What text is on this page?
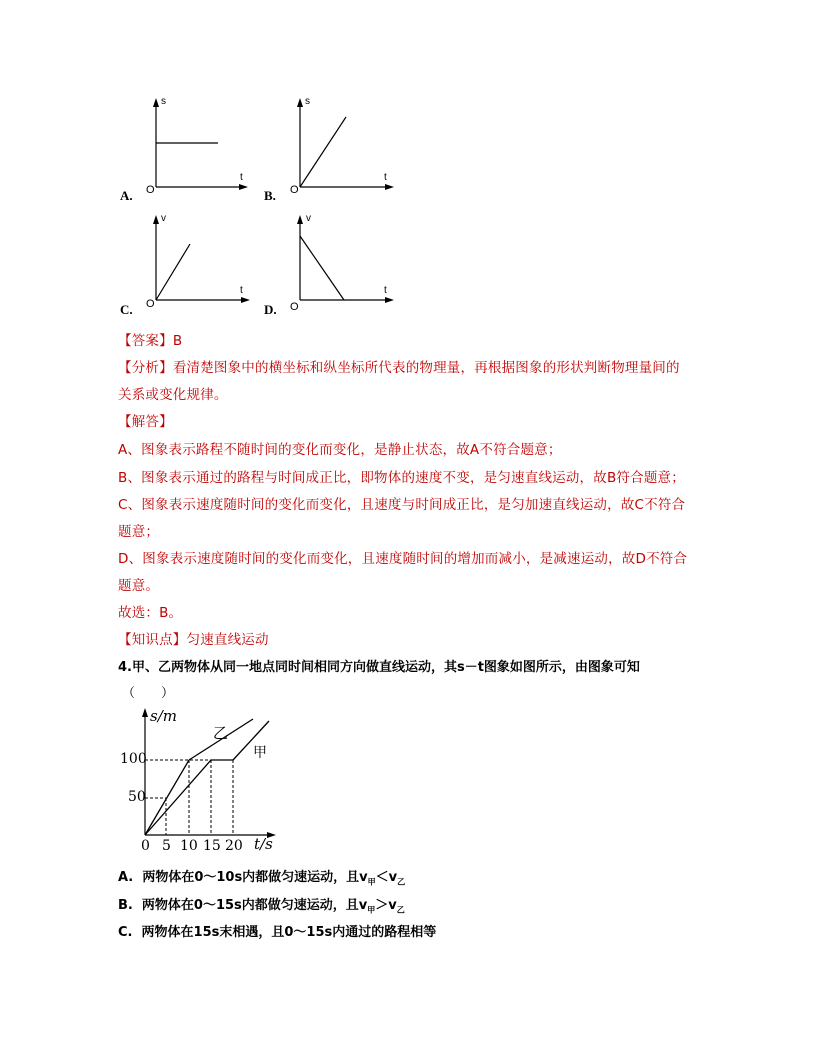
A.
s
t
O	B.
s
t
O
C.
v
t
O	D.
v
t
O
【答案】B
【分析】看清楚图象中的横坐标和纵坐标所代表的物理量，再根据图象的形状判断物理量间的
关系或变化规律。
【解答】
A、图象表示路程不随时间的变化而变化，是静止状态，故A不符合题意；
B、图象表示通过的路程与时间成正比，即物体的速度不变，是匀速直线运动，故B符合题意；
C、图象表示速度随时间的变化而变化，且速度与时间成正比，是匀加速直线运动，故C不符合
题意；
D、图象表示速度随时间的变化而变化，且速度随时间的增加而减小，是减速运动，故D不符合
题意。
故选：B。
【知识点】匀速直线运动
4.甲、乙两物体从同一地点同时间相同方向做直线运动，其s－t图象如图所示，由图象可知
（　　）
s/m
t/s
100
50
0 5 10 15 20
乙
甲
A. 两物体在0～10s内都做匀速运动，且$v_甲<v_乙$
B. 两物体在0～15s内都做匀速运动，且$v_甲>v_乙$
C. 两物体在15s末相遇，且0～15s内通过的路程相等
